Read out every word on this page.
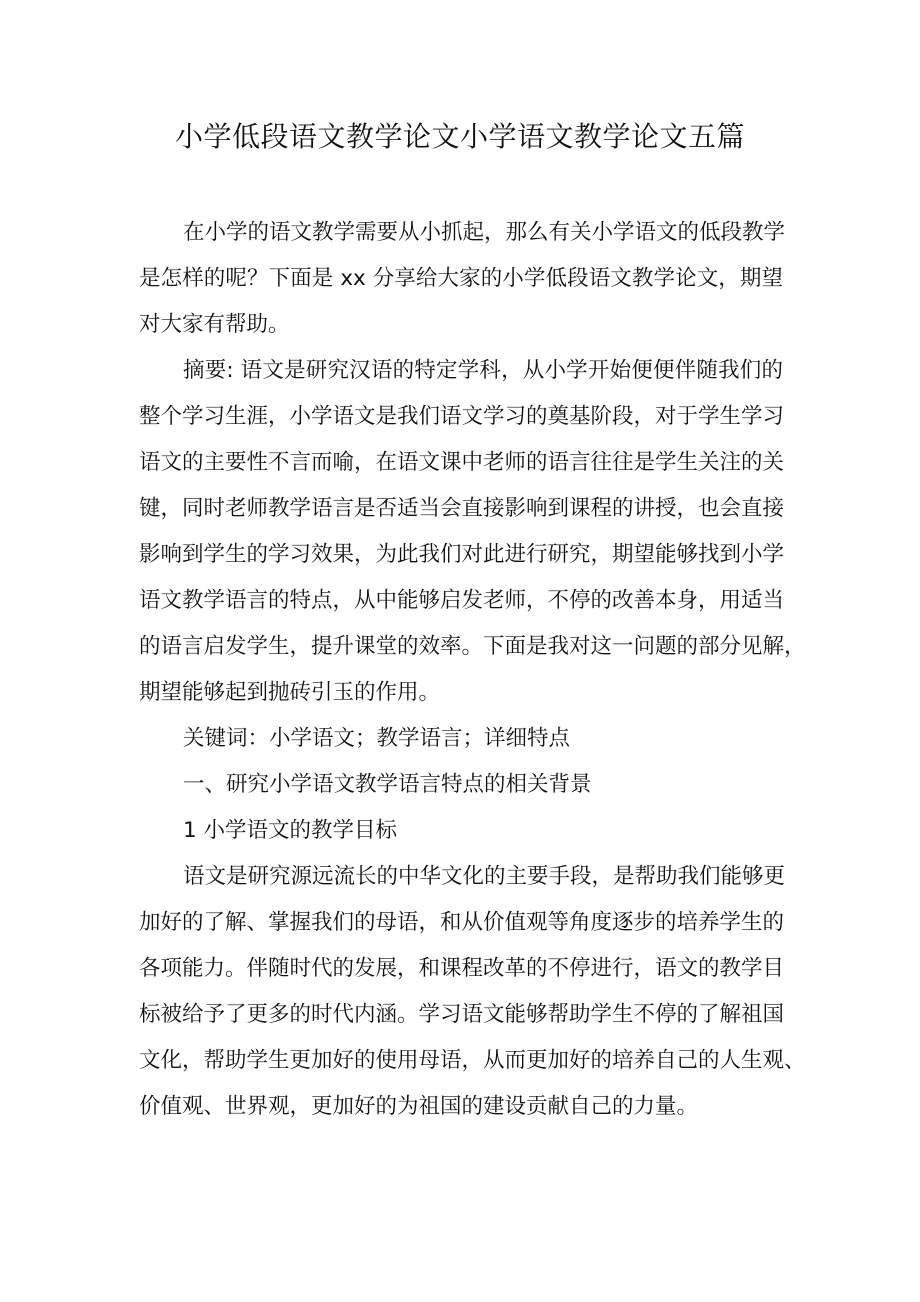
小学低段语文教学论文小学语文教学论文五篇
在小学的语文教学需要从小抓起，那么有关小学语文的低段教学
是怎样的呢？下面是 xx 分享给大家的小学低段语文教学论文，期望
对大家有帮助。
摘要: 语文是研究汉语的特定学科，从小学开始便便伴随我们的
整个学习生涯，小学语文是我们语文学习的奠基阶段，对于学生学习
语文的主要性不言而喻，在语文课中老师的语言往往是学生关注的关
键，同时老师教学语言是否适当会直接影响到课程的讲授，也会直接
影响到学生的学习效果，为此我们对此进行研究，期望能够找到小学
语文教学语言的特点，从中能够启发老师，不停的改善本身，用适当
的语言启发学生，提升课堂的效率。下面是我对这一问题的部分见解，
期望能够起到抛砖引玉的作用。
关键词：小学语文；教学语言；详细特点
一、研究小学语文教学语言特点的相关背景
1 小学语文的教学目标
语文是研究源远流长的中华文化的主要手段，是帮助我们能够更
加好的了解、掌握我们的母语，和从价值观等角度逐步的培养学生的
各项能力。伴随时代的发展，和课程改革的不停进行，语文的教学目
标被给予了更多的时代内涵。学习语文能够帮助学生不停的了解祖国
文化，帮助学生更加好的使用母语，从而更加好的培养自己的人生观、
价值观、世界观，更加好的为祖国的建设贡献自己的力量。
